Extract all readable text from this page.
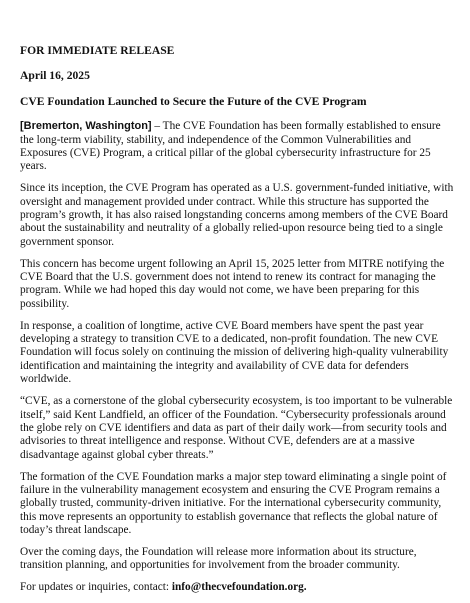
FOR IMMEDIATE RELEASE
April 16, 2025
CVE Foundation Launched to Secure the Future of the CVE Program

[Bremerton, Washington] – The CVE Foundation has been formally established to ensure the long-term viability, stability, and independence of the Common Vulnerabilities and Exposures (CVE) Program, a critical pillar of the global cybersecurity infrastructure for 25 years.

Since its inception, the CVE Program has operated as a U.S. government-funded initiative, with oversight and management provided under contract. While this structure has supported the program’s growth, it has also raised longstanding concerns among members of the CVE Board about the sustainability and neutrality of a globally relied-upon resource being tied to a single government sponsor.

This concern has become urgent following an April 15, 2025 letter from MITRE notifying the CVE Board that the U.S. government does not intend to renew its contract for managing the program. While we had hoped this day would not come, we have been preparing for this possibility.

In response, a coalition of longtime, active CVE Board members have spent the past year developing a strategy to transition CVE to a dedicated, non-profit foundation. The new CVE Foundation will focus solely on continuing the mission of delivering high-quality vulnerability identification and maintaining the integrity and availability of CVE data for defenders worldwide.

“CVE, as a cornerstone of the global cybersecurity ecosystem, is too important to be vulnerable itself,” said Kent Landfield, an officer of the Foundation. “Cybersecurity professionals around the globe rely on CVE identifiers and data as part of their daily work—from security tools and advisories to threat intelligence and response. Without CVE, defenders are at a massive disadvantage against global cyber threats.”

The formation of the CVE Foundation marks a major step toward eliminating a single point of failure in the vulnerability management ecosystem and ensuring the CVE Program remains a globally trusted, community-driven initiative. For the international cybersecurity community, this move represents an opportunity to establish governance that reflects the global nature of today’s threat landscape.

Over the coming days, the Foundation will release more information about its structure, transition planning, and opportunities for involvement from the broader community.

For updates or inquiries, contact: info@thecvefoundation.org.
